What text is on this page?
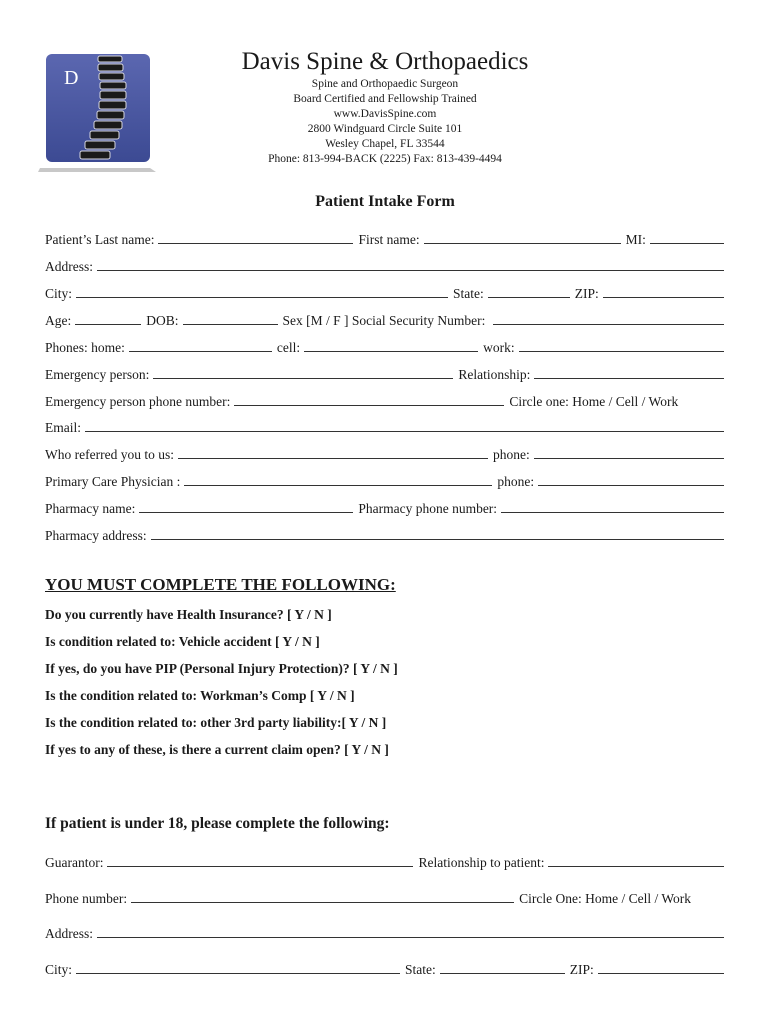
D
Davis Spine & Orthopaedics
Spine and Orthopaedic Surgeon
Board Certified and Fellowship Trained
www.DavisSpine.com
2800 Windguard Circle Suite 101
Wesley Chapel, FL 33544
Phone: 813-994-BACK (2225) Fax: 813-439-4494
Patient Intake Form
Patient’s Last name:	First name:	MI:
Address:
City:	State:	ZIP:
Age:	DOB:	Sex [M / F ] Social Security Number:
Phones: home:	cell:	work:
Emergency person:	Relationship:
Emergency person phone number:	Circle one: Home / Cell / Work
Email:
Who referred you to us:	phone:
Primary Care Physician :	phone:
Pharmacy name:	Pharmacy phone number:
Pharmacy address:
YOU MUST COMPLETE THE FOLLOWING:
Do you currently have Health Insurance? [ Y / N ]
Is condition related to: Vehicle accident [ Y / N ]
If yes, do you have PIP (Personal Injury Protection)? [ Y / N ]
Is the condition related to: Workman’s Comp [ Y / N ]
Is the condition related to: other 3rd party liability:[ Y / N ]
If yes to any of these, is there a current claim open? [ Y / N ]
If patient is under 18, please complete the following:
Guarantor:	Relationship to patient:
Phone number:	Circle One: Home / Cell / Work
Address:
City:	State:	ZIP:
